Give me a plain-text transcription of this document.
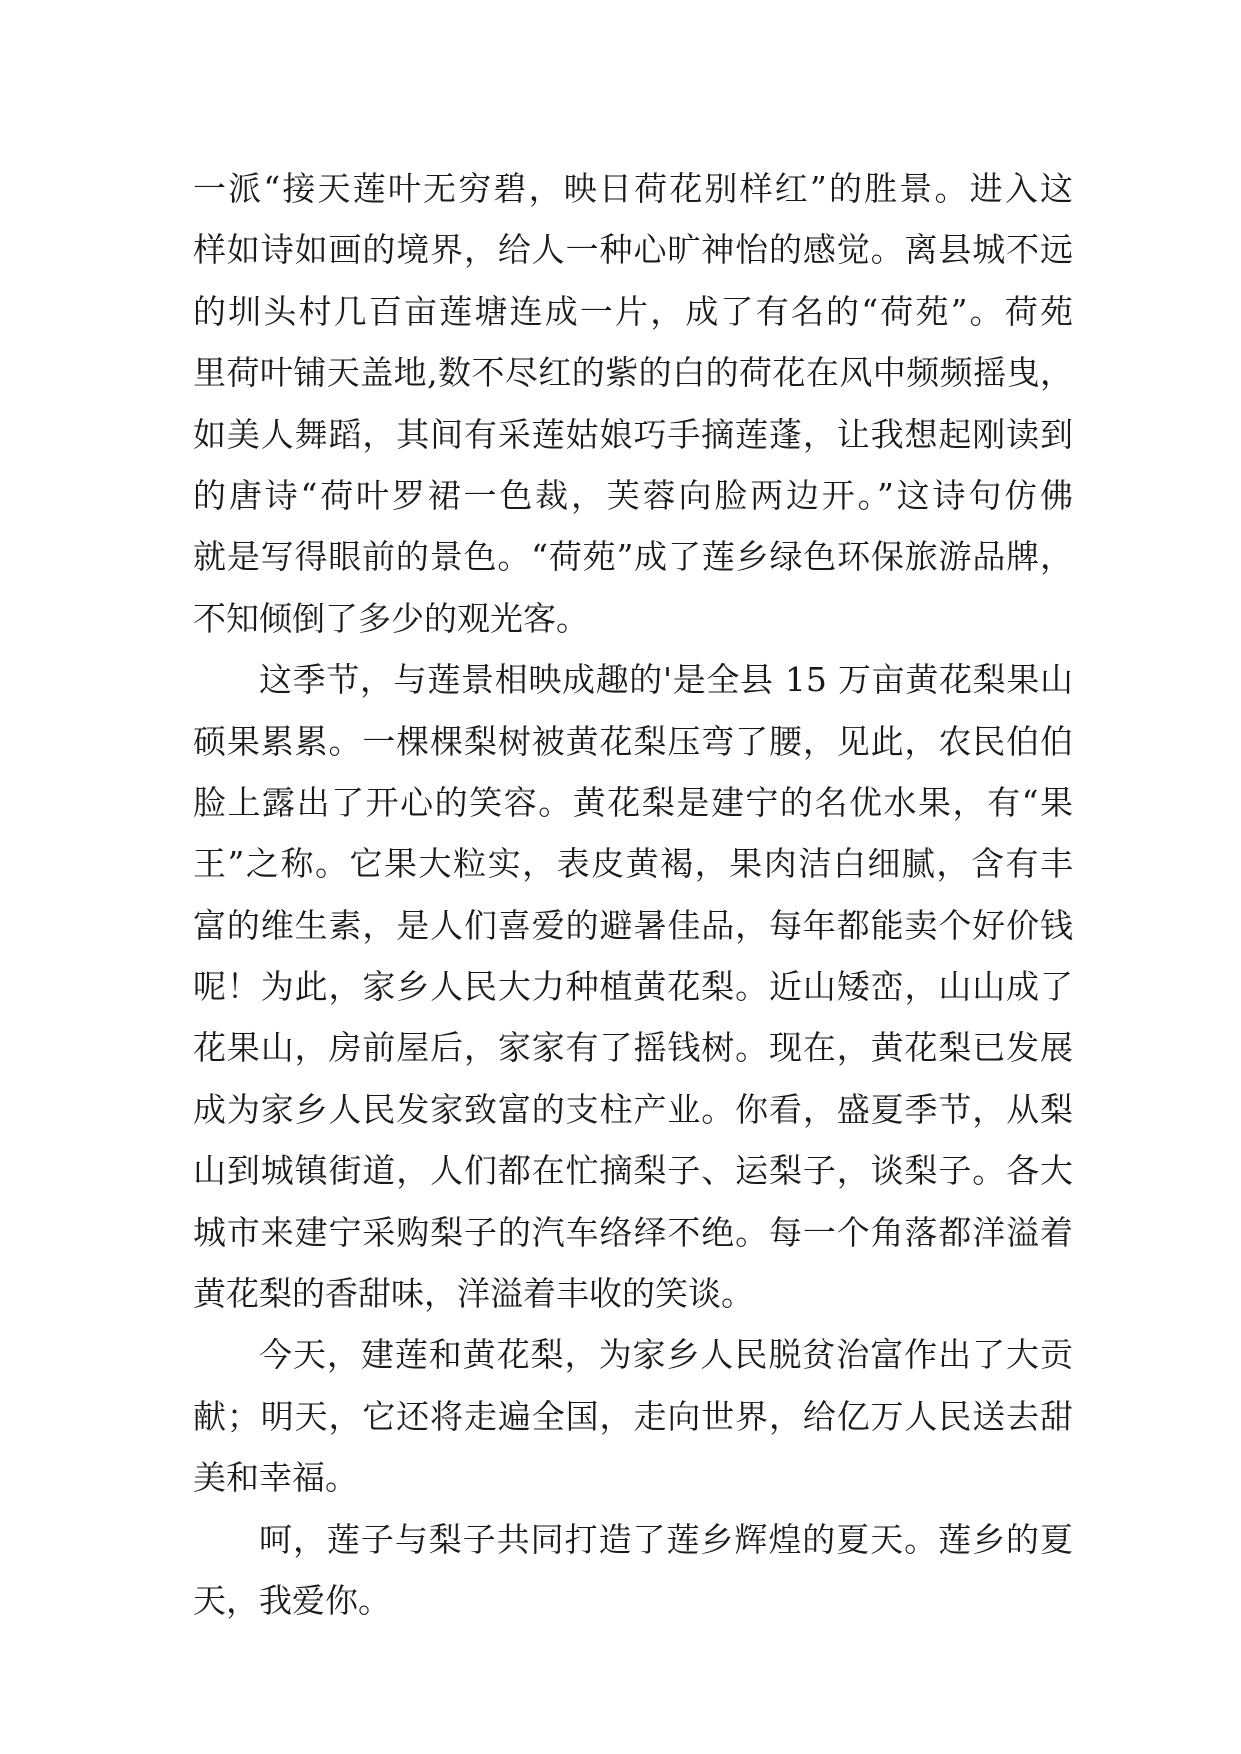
一派“接天莲叶无穷碧，映日荷花别样红”的胜景。进入这
样如诗如画的境界，给人一种心旷神怡的感觉。离县城不远
的圳头村几百亩莲塘连成一片，成了有名的“荷苑”。荷苑
里荷叶铺天盖地,数不尽红的紫的白的荷花在风中频频摇曳，
如美人舞蹈，其间有采莲姑娘巧手摘莲蓬，让我想起刚读到
的唐诗“荷叶罗裙一色裁，芙蓉向脸两边开。”这诗句仿佛
就是写得眼前的景色。“荷苑”成了莲乡绿色环保旅游品牌，
不知倾倒了多少的观光客。
这季节，与莲景相映成趣的'是全县 15 万亩黄花梨果山
硕果累累。一棵棵梨树被黄花梨压弯了腰，见此，农民伯伯
脸上露出了开心的笑容。黄花梨是建宁的名优水果，有“果
王”之称。它果大粒实，表皮黄褐，果肉洁白细腻，含有丰
富的维生素，是人们喜爱的避暑佳品，每年都能卖个好价钱
呢！为此，家乡人民大力种植黄花梨。近山矮峦，山山成了
花果山，房前屋后，家家有了摇钱树。现在，黄花梨已发展
成为家乡人民发家致富的支柱产业。你看，盛夏季节，从梨
山到城镇街道，人们都在忙摘梨子、运梨子，谈梨子。各大
城市来建宁采购梨子的汽车络绎不绝。每一个角落都洋溢着
黄花梨的香甜味，洋溢着丰收的笑谈。
今天，建莲和黄花梨，为家乡人民脱贫治富作出了大贡
献；明天，它还将走遍全国，走向世界，给亿万人民送去甜
美和幸福。
呵，莲子与梨子共同打造了莲乡辉煌的夏天。莲乡的夏
天，我爱你。
